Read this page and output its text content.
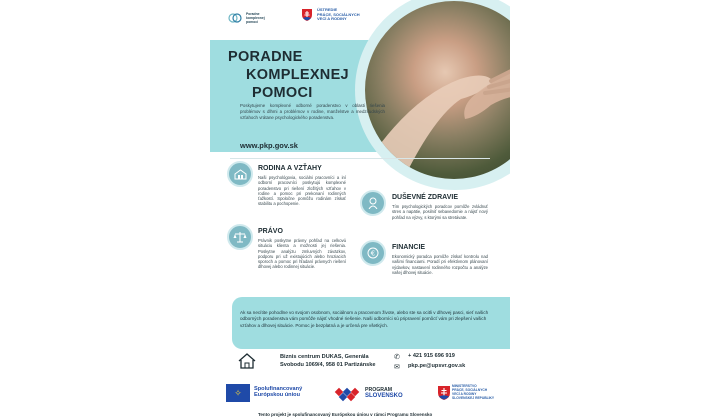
Poradne
komplexnej
pomoci
ÚSTREDIE
PRÁCE, SOCIÁLNYCH
VECÍ A RODINY
PORADNE
KOMPLEXNEJ
POMOCI
Poskytujeme komplexné odborné poradenstvo v oblasti riešenia problémov s dlhmi a problémov v rodine, manželstve a medziľudských vzťahoch vrátane psychologického poradenstva.
www.pkp.gov.sk
RODINA A VZŤAHY
Naši psychológovia, sociálni pracovníci a iní odborní pracovníci poskytujú komplexné poradenstvo pri riešení zložitých vzťahov v rodine a pomoc pri prekonaní rodinných ťažkostí. Spoločne pomôžu rodinám získať stabilitu a pochopenie.
DUŠEVNÉ ZDRAVIE
Tím psychologických poradcov pomôže zvládnuť stres a napätie, posilniť sebavedomie a nájsť nový pohľad na výzvy, s ktorými sa stretávate.
PRÁVO
Právnik poskytne právny pohľad na celkovú situáciu klienta a možnosti jej riešenia. Poskytne analýzu zmluvných záväzkov, podporu pri už existujúcich alebo hroziacich sporoch a pomoc pri hľadaní právnych riešení dlhovej alebo rodinnej situácie.
€
FINANCIE
Ekonomický poradca pomôže získať kontrolu nad vašimi financiami. Poradí pri efektívnom plánovaní výdavkov, nastavení rodinného rozpočtu a analýze vašej dlhovej situácie.
Ak sa necítite pohodlne vo svojom osobnom, sociálnom a pracovnom živote, alebo ste sa ocitli v dlhovej pasci, sieť našich odborných poradenstva vám pomôže nájsť vhodné riešenie. Naši odborníci sú pripravení pomôcť vám pri zlepšení vašich vzťahov a dlhovej situácie. Pomoc je bezplatná a je určená pre všetkých.
Biznis centrum DUKAS, Generála
Svobodu 1069/4, 958 01 Partizánske
✆
✉
+ 421 915 696 919
pkp.pe@upsvr.gov.sk
✧	Spolufinancovaný
Európskou úniou
PROGRAM
SLOVENSKO
MINISTERSTVO
PRÁCE, SOCIÁLNYCH
VECÍ A RODINY
SLOVENSKEJ REPUBLIKY
Tento projekt je spolufinancovaný Európskou úniou v rámci Programu Slovensko
